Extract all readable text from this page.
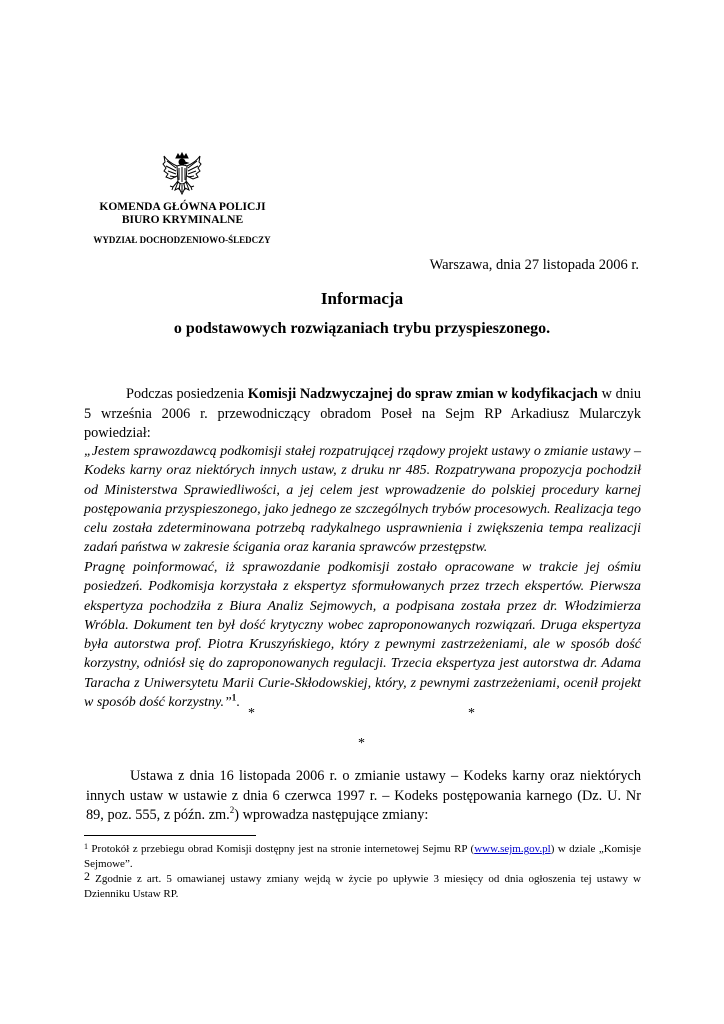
KOMENDA GŁÓWNA POLICJI
BIURO KRYMINALNE
WYDZIAŁ DOCHODZENIOWO-ŚLEDCZY
Warszawa, dnia 27 listopada 2006 r.
Informacja
o podstawowych rozwiązaniach trybu przyspieszonego.

Podczas posiedzenia Komisji Nadzwyczajnej do spraw zmian w kodyfikacjach w dniu 5 września 2006 r. przewodniczący obradom Poseł na Sejm RP Arkadiusz Mularczyk powiedział:

„Jestem sprawozdawcą podkomisji stałej rozpatrującej rządowy projekt ustawy o zmianie ustawy – Kodeks karny oraz niektórych innych ustaw, z druku nr 485. Rozpatrywana propozycja pochodził od Ministerstwa Sprawiedliwości, a jej celem jest wprowadzenie do polskiej procedury karnej postępowania przyspieszonego, jako jednego ze szczególnych trybów procesowych. Realizacja tego celu została zdeterminowana potrzebą radykalnego usprawnienia i zwiększenia tempa realizacji zadań państwa w zakresie ścigania oraz karania sprawców przestępstw.

Pragnę poinformować, iż sprawozdanie podkomisji zostało opracowane w trakcie jej ośmiu posiedzeń. Podkomisja korzystała z ekspertyz sformułowanych przez trzech ekspertów. Pierwsza ekspertyza pochodziła z Biura Analiz Sejmowych, a podpisana została przez dr. Włodzimierza Wróbla. Dokument ten był dość krytyczny wobec zaproponowanych rozwiązań. Druga ekspertyza była autorstwa prof. Piotra Kruszyńskiego, który z pewnymi zastrzeżeniami, ale w sposób dość korzystny, odniósł się do zaproponowanych regulacji. Trzecia ekspertyza jest autorstwa dr. Adama Taracha z Uniwersytetu Marii Curie-Skłodowskiej, który, z pewnymi zastrzeżeniami, ocenił projekt w sposób dość korzystny.”$^1$.

*	*
*

Ustawa z dnia 16 listopada 2006 r. o zmianie ustawy – Kodeks karny oraz niektórych innych ustaw w ustawie z dnia 6 czerwca 1997 r. – Kodeks postępowania karnego (Dz. U. Nr 89, poz. 555, z późn. zm.$^2$) wprowadza następujące zmiany:

$^1$ Protokół z przebiegu obrad Komisji dostępny jest na stronie internetowej Sejmu RP (www.sejm.gov.pl) w dziale „Komisje Sejmowe”.

$^2$ Zgodnie z art. 5 omawianej ustawy zmiany wejdą w życie po upływie 3 miesięcy od dnia ogłoszenia tej ustawy w Dzienniku Ustaw RP.
